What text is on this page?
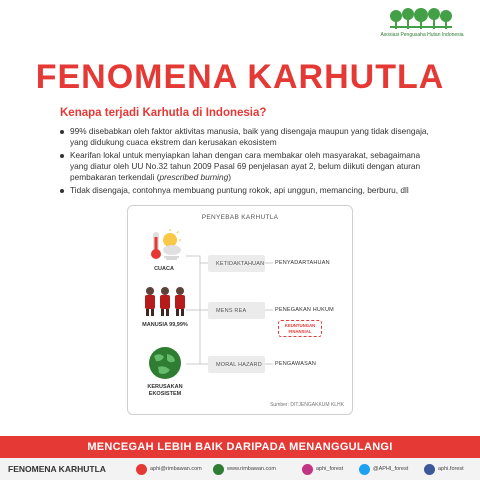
Asosiasi Pengusaha Hutan Indonesia
FENOMENA KARHUTLA
Kenapa terjadi Karhutla di Indonesia?
99% disebabkan oleh faktor aktivitas manusia, baik yang disengaja maupun yang tidak disengaja, yang didukung cuaca ekstrem dan kerusakan ekosistem
Kearifan lokal untuk menyiapkan lahan dengan cara membakar oleh masyarakat, sebagaimana yang diatur oleh UU No.32 tahun 2009 Pasal 69 penjelasan ayat 2, belum diikuti dengan aturan pembakaran terkendali (prescribed burning)
Tidak disengaja, contohnya membuang puntung rokok, api unggun, memancing, berburu, dll
PENYEBAB KARHUTLA
CUACA
MANUSIA 99,99%
KERUSAKAN EKOSISTEM
KETIDAKTAHUAN PENYADARTAHUAN
MENS REA	PENEGAKAN HUKUM
KEUNTUNGAN FINANSIAL
MORAL HAZARD	PENGAWASAN
Sumber: DITJENGAKKUM KLHK
MENCEGAH LEBIH BAIK DARIPADA MENANGGULANGI
FENOMENA KARHUTLA	aphi@rimbawan.com	www.rimbawan.com	aphi_forest	@APHI_forest	aphi.forest
